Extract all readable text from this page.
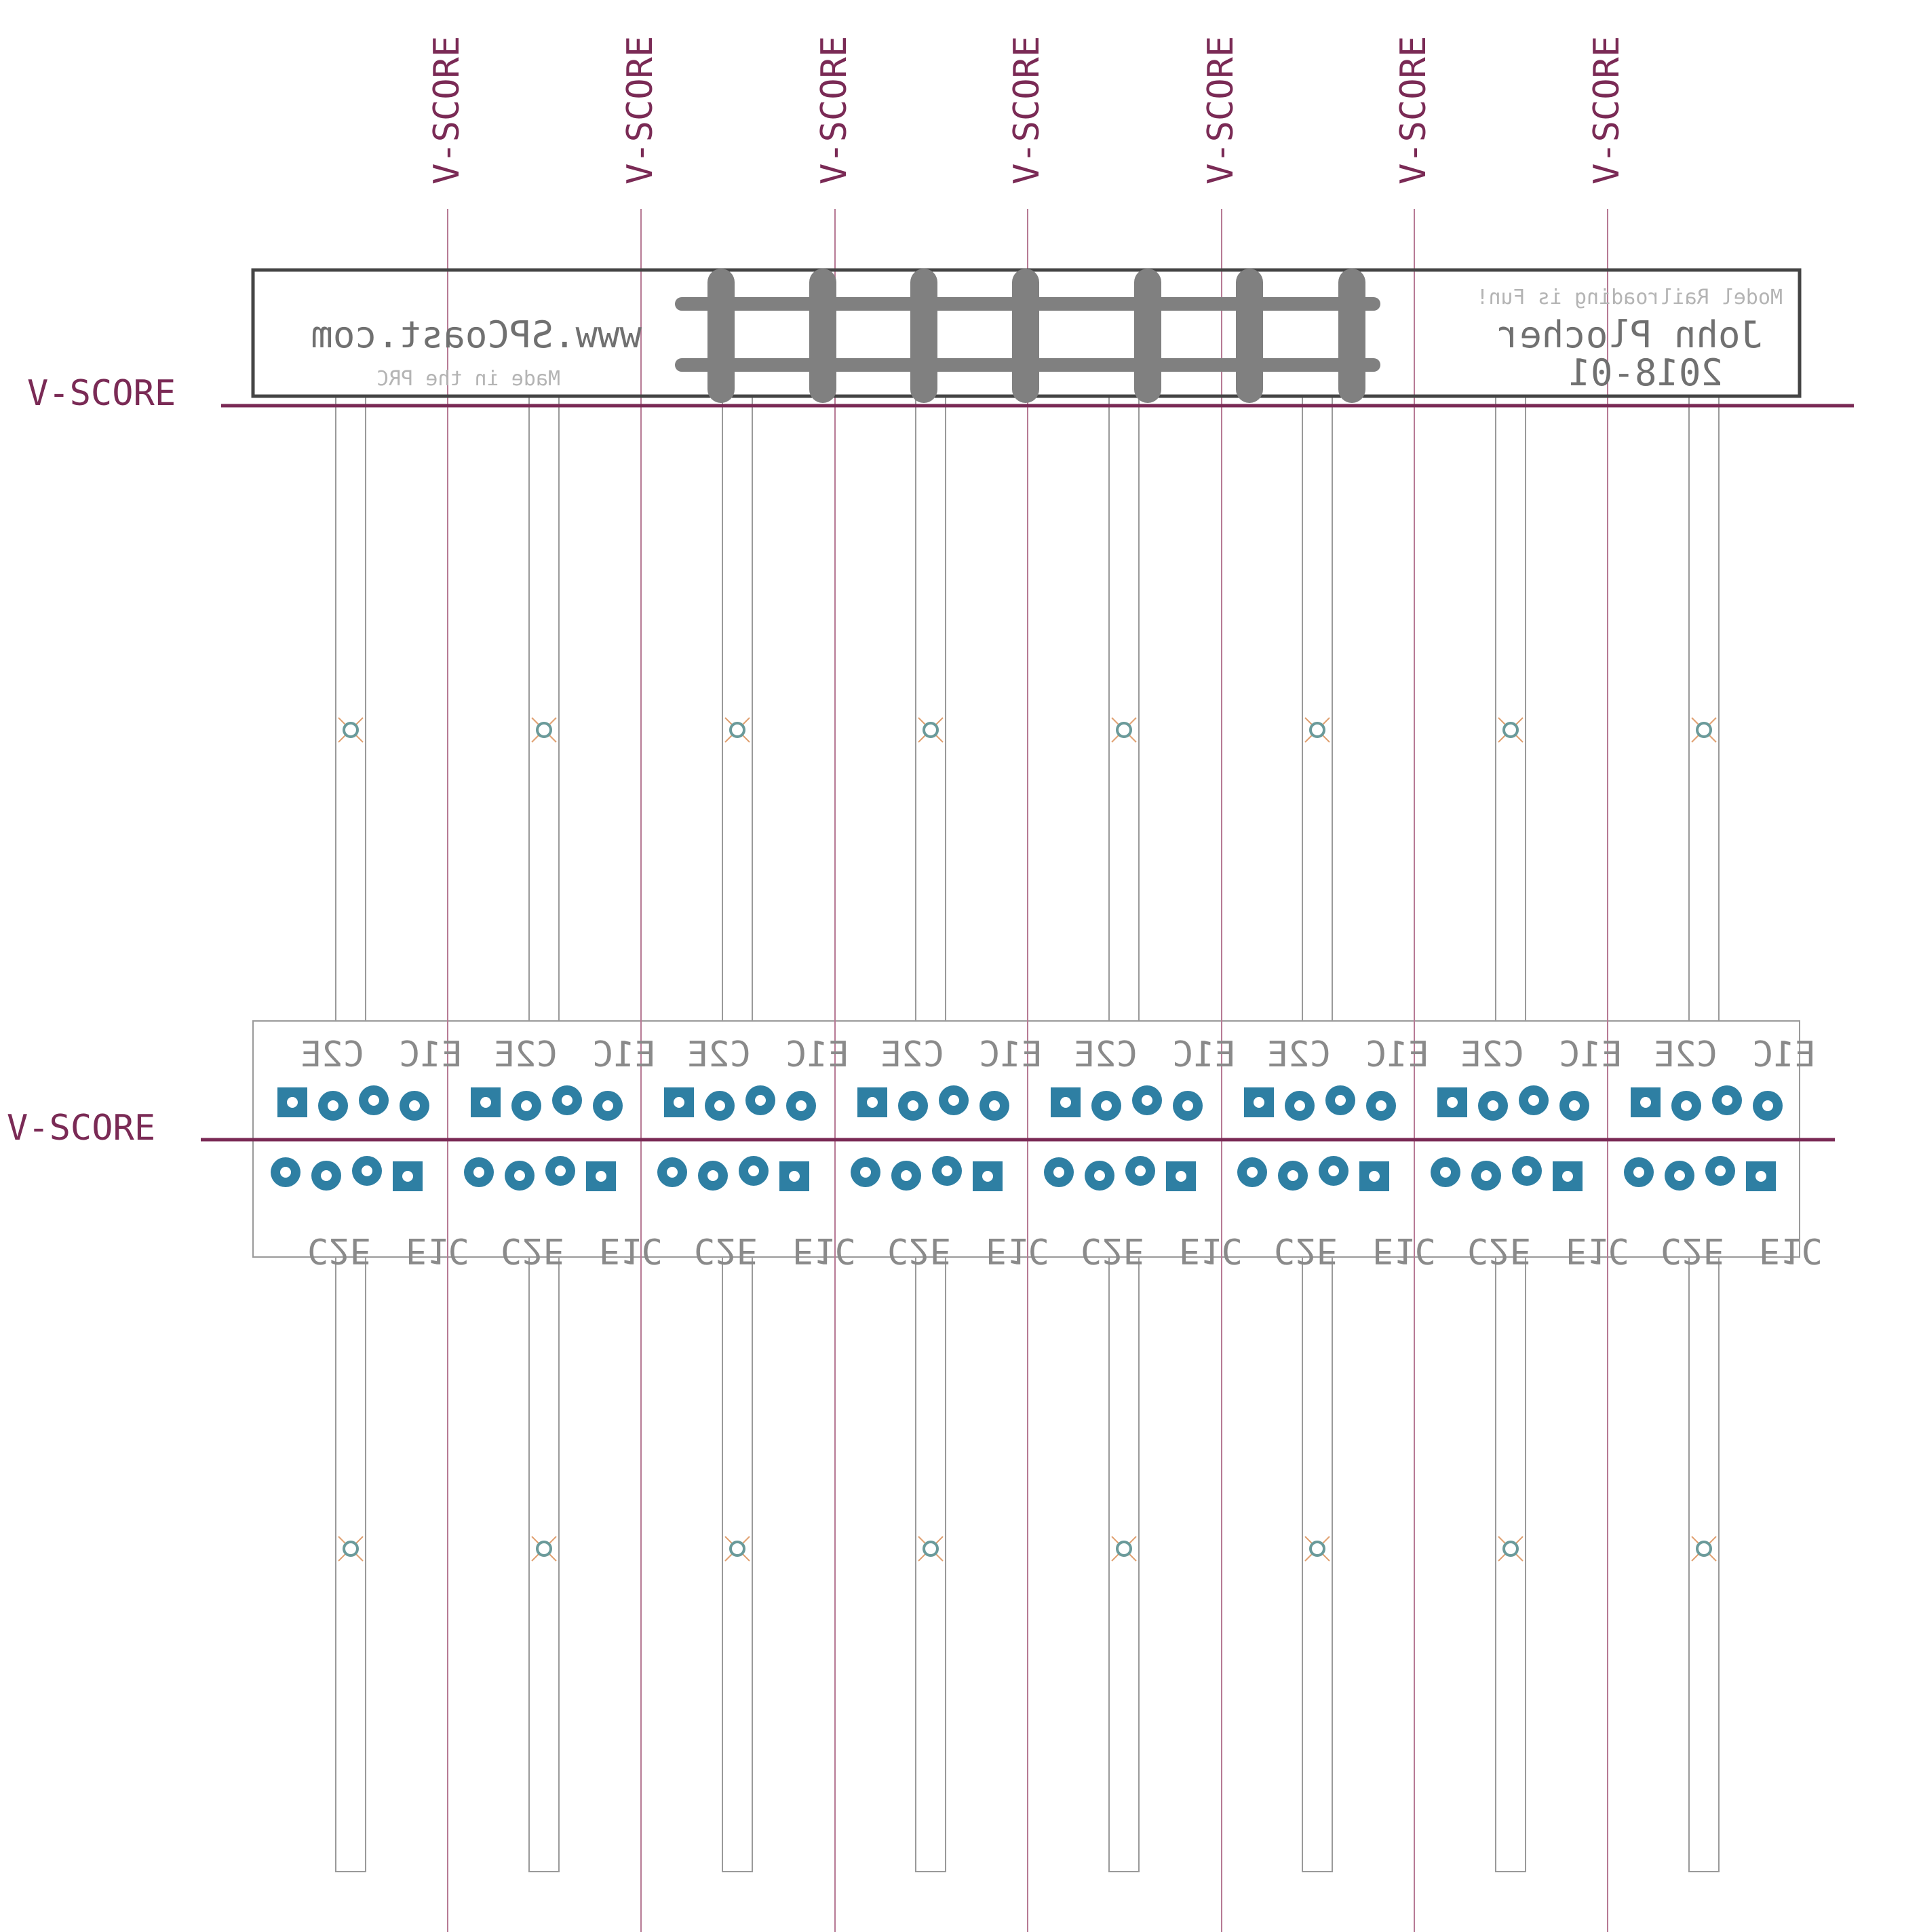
www.SPCoast.com
Made in the PRC
Model Railroading is Fun!
John Plocher
2018-01
C2E E1C
C2E E1C
C2E E1C
C2E E1C
C2E E1C
C2E E1C
C2E E1C
C2E E1C
C2E E1C
C2E E1C
C2E E1C
C2E E1C
C2E E1C
C2E E1C
C2E E1C
C2E E1C
V-SCORE	V-SCORE	V-SCORE	V-SCORE	V-SCORE	V-SCORE	V-SCORE
V-SCORE
V-SCORE
